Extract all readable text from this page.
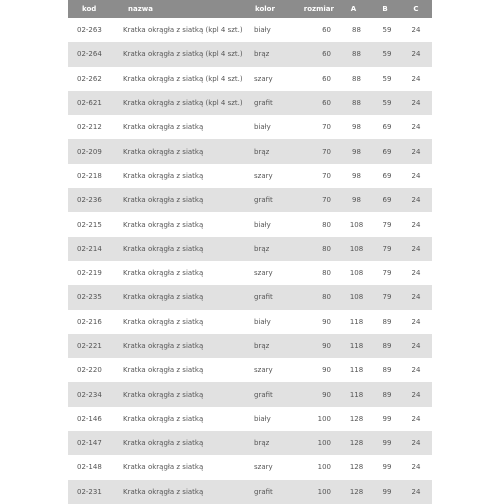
kod	nazwa	kolor	rozmiar	A	B	C
02-263	Kratka okrągła z siatką (kpl 4 szt.)	biały	60	88	59	24
02-264	Kratka okrągła z siatką (kpl 4 szt.)	brąz	60	88	59	24
02-262	Kratka okrągła z siatką (kpl 4 szt.)	szary	60	88	59	24
02-621	Kratka okrągła z siatką (kpl 4 szt.)	grafit	60	88	59	24
02-212	Kratka okrągła z siatką	biały	70	98	69	24
02-209	Kratka okrągła z siatką	brąz	70	98	69	24
02-218	Kratka okrągła z siatką	szary	70	98	69	24
02-236	Kratka okrągła z siatką	grafit	70	98	69	24
02-215	Kratka okrągła z siatką	biały	80	108	79	24
02-214	Kratka okrągła z siatką	brąz	80	108	79	24
02-219	Kratka okrągła z siatką	szary	80	108	79	24
02-235	Kratka okrągła z siatką	grafit	80	108	79	24
02-216	Kratka okrągła z siatką	biały	90	118	89	24
02-221	Kratka okrągła z siatką	brąz	90	118	89	24
02-220	Kratka okrągła z siatką	szary	90	118	89	24
02-234	Kratka okrągła z siatką	grafit	90	118	89	24
02-146	Kratka okrągła z siatką	biały	100	128	99	24
02-147	Kratka okrągła z siatką	brąz	100	128	99	24
02-148	Kratka okrągła z siatką	szary	100	128	99	24
02-231	Kratka okrągła z siatką	grafit	100	128	99	24
